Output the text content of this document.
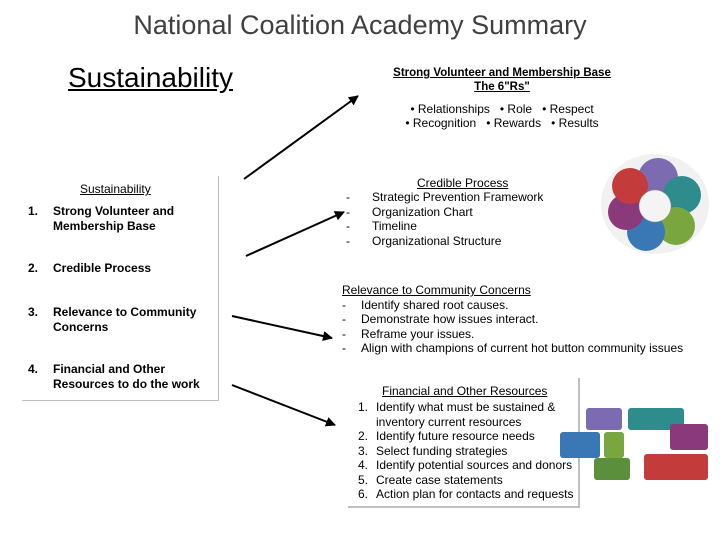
National Coalition Academy Summary
Sustainability
Sustainability
1. Strong Volunteer and Membership Base
2. Credible Process
3. Relevance to Community Concerns
4. Financial and Other Resources to do the work
Strong Volunteer and Membership Base
The 6"Rs"
• Relationships   • Role   • Respect
• Recognition   • Rewards   • Results
Credible Process
- Strategic Prevention Framework
- Organization Chart
- Timeline
- Organizational Structure
Relevance to Community Concerns
- Identify shared root causes.
- Demonstrate how issues interact.
- Reframe your issues.
- Align with champions of current hot button community issues
Financial and Other Resources
1. Identify what must be sustained & inventory current resources
2. Identify future resource needs
3. Select funding strategies
4. Identify potential sources and donors
5. Create case statements
6. Action plan for contacts and requests
